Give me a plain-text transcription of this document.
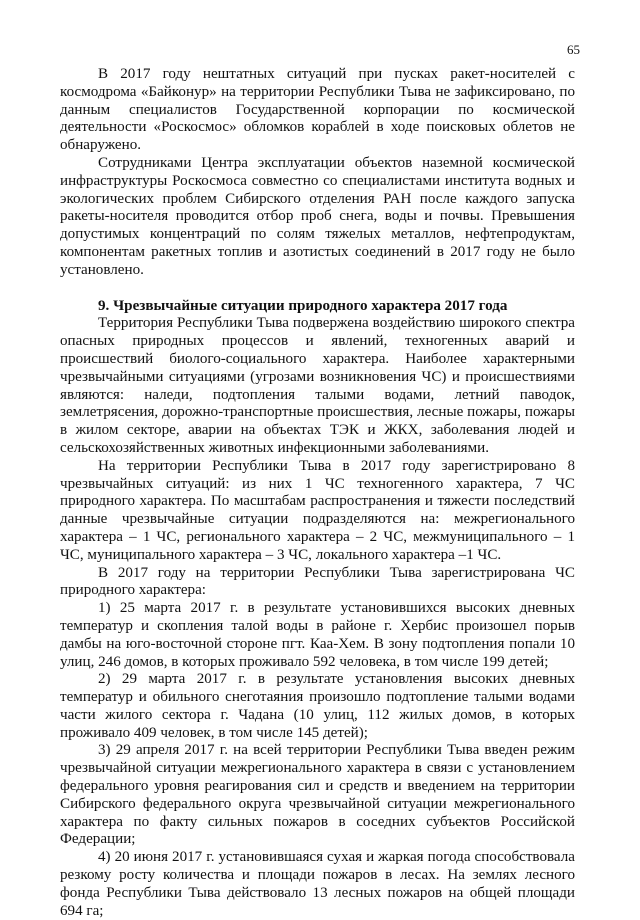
65

В 2017 году нештатных ситуаций при пусках ракет-носителей с космодрома «Байконур» на территории Республики Тыва не зафиксировано, по данным специалистов Государственной корпорации по космической деятельности «Роскосмос» обломков кораблей в ходе поисковых облетов не обнаружено.

Сотрудниками Центра эксплуатации объектов наземной космической инфраструктуры Роскосмоса совместно со специалистами института водных и экологических проблем Сибирского отделения РАН после каждого запуска ракеты-носителя проводится отбор проб снега, воды и почвы. Превышения допустимых концентраций по солям тяжелых металлов, нефтепродуктам, компонентам ракетных топлив и азотистых соединений в 2017 году не было установлено.

9. Чрезвычайные ситуации природного характера 2017 года

Территория Республики Тыва подвержена воздействию широкого спектра опасных природных процессов и явлений, техногенных аварий и происшествий биолого-социального характера. Наиболее характерными чрезвычайными ситуациями (угрозами возникновения ЧС) и происшествиями являются: наледи, подтопления талыми водами, летний паводок, землетрясения, дорожно-транспортные происшествия, лесные пожары, пожары в жилом секторе, аварии на объектах ТЭК и ЖКХ, заболевания людей и сельскохозяйственных животных инфекционными заболеваниями.

На территории Республики Тыва в 2017 году зарегистрировано 8 чрезвычайных ситуаций: из них 1 ЧС техногенного характера, 7 ЧС природного характера. По масштабам распространения и тяжести последствий данные чрезвычайные ситуации подразделяются на: межрегионального характера – 1 ЧС, регионального характера – 2 ЧС, межмуниципального – 1 ЧС, муниципального характера – 3 ЧС, локального характера –1 ЧС.

В 2017 году на территории Республики Тыва зарегистрирована ЧС природного характера:

1) 25 марта 2017 г. в результате установившихся высоких дневных температур и скопления талой воды в районе г. Хербис произошел порыв дамбы на юго-восточной стороне пгт. Каа-Хем. В зону подтопления попали 10 улиц, 246 домов, в которых проживало 592 человека, в том числе 199 детей;

2) 29 марта 2017 г. в результате установления высоких дневных температур и обильного снеготаяния произошло подтопление талыми водами части жилого сектора г. Чадана (10 улиц, 112 жилых домов, в которых проживало 409 человек, в том числе 145 детей);

3) 29 апреля 2017 г. на всей территории Республики Тыва введен режим чрезвычайной ситуации межрегионального характера в связи с установлением федерального уровня реагирования сил и средств и введением на территории Сибирского федерального округа чрезвычайной ситуации межрегионального характера по факту сильных пожаров в соседних субъектов Российской Федерации;

4) 20 июня 2017 г. установившаяся сухая и жаркая погода способствовала резкому росту количества и площади пожаров в лесах. На землях лесного фонда Республики Тыва действовало 13 лесных пожаров на общей площади 694 га;
